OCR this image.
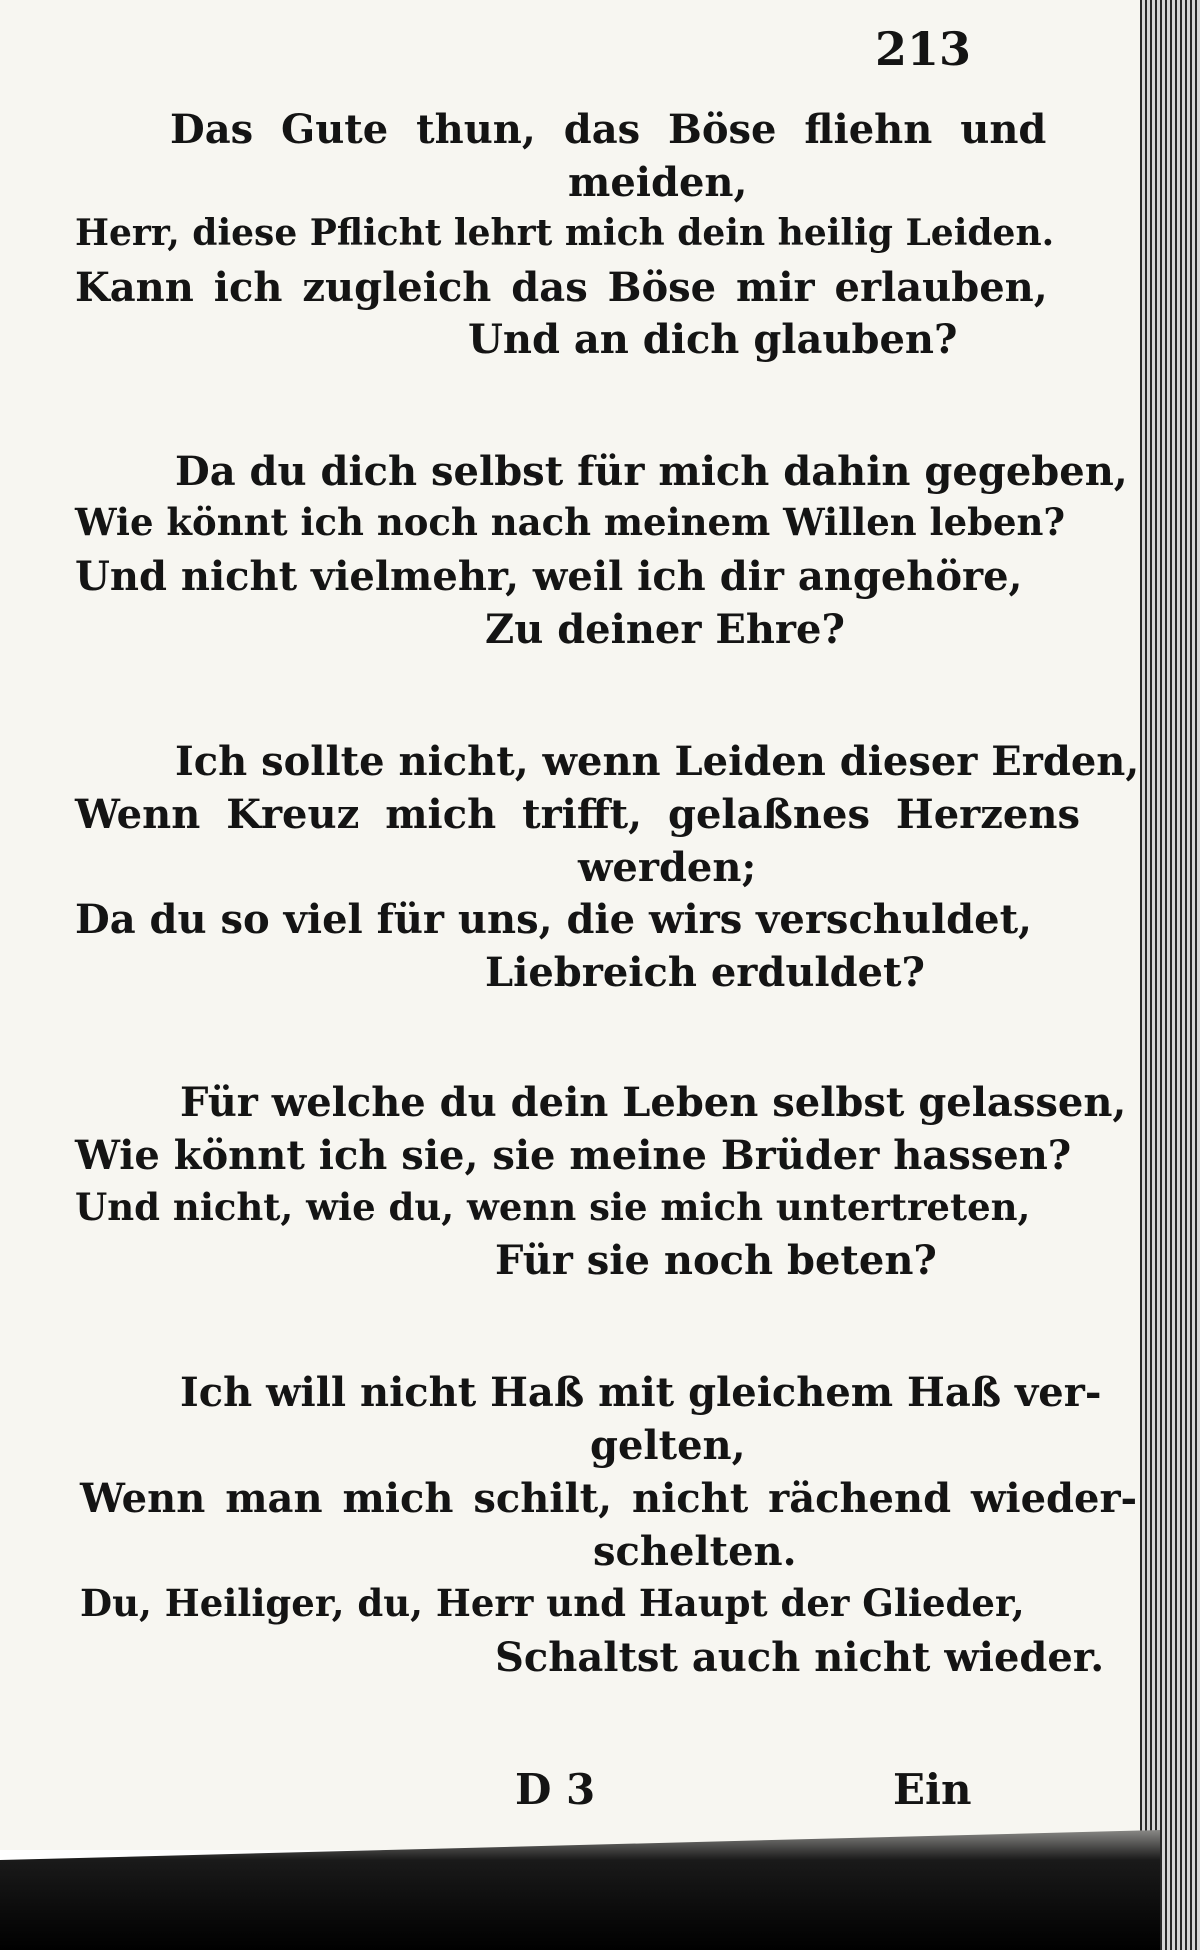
213
Das Gute thun, das Böse fliehn und
meiden,
Herr, diese Pflicht lehrt mich dein heilig Leiden.
Kann ich zugleich das Böse mir erlauben,
Und an dich glauben?
Da du dich selbst für mich dahin gegeben,
Wie könnt ich noch nach meinem Willen leben?
Und nicht vielmehr, weil ich dir angehöre,
Zu deiner Ehre?
Ich sollte nicht, wenn Leiden dieser Erden,
Wenn Kreuz mich trifft, gelaßnes Herzens
werden;
Da du so viel für uns, die wirs verschuldet,
Liebreich erduldet?
Für welche du dein Leben selbst gelassen,
Wie könnt ich sie, sie meine Brüder hassen?
Und nicht, wie du, wenn sie mich untertreten,
Für sie noch beten?
Ich will nicht Haß mit gleichem Haß ver-
gelten,
Wenn man mich schilt, nicht rächend wieder-
schelten.
Du, Heiliger, du, Herr und Haupt der Glieder,
Schaltst auch nicht wieder.
D 3	Ein
